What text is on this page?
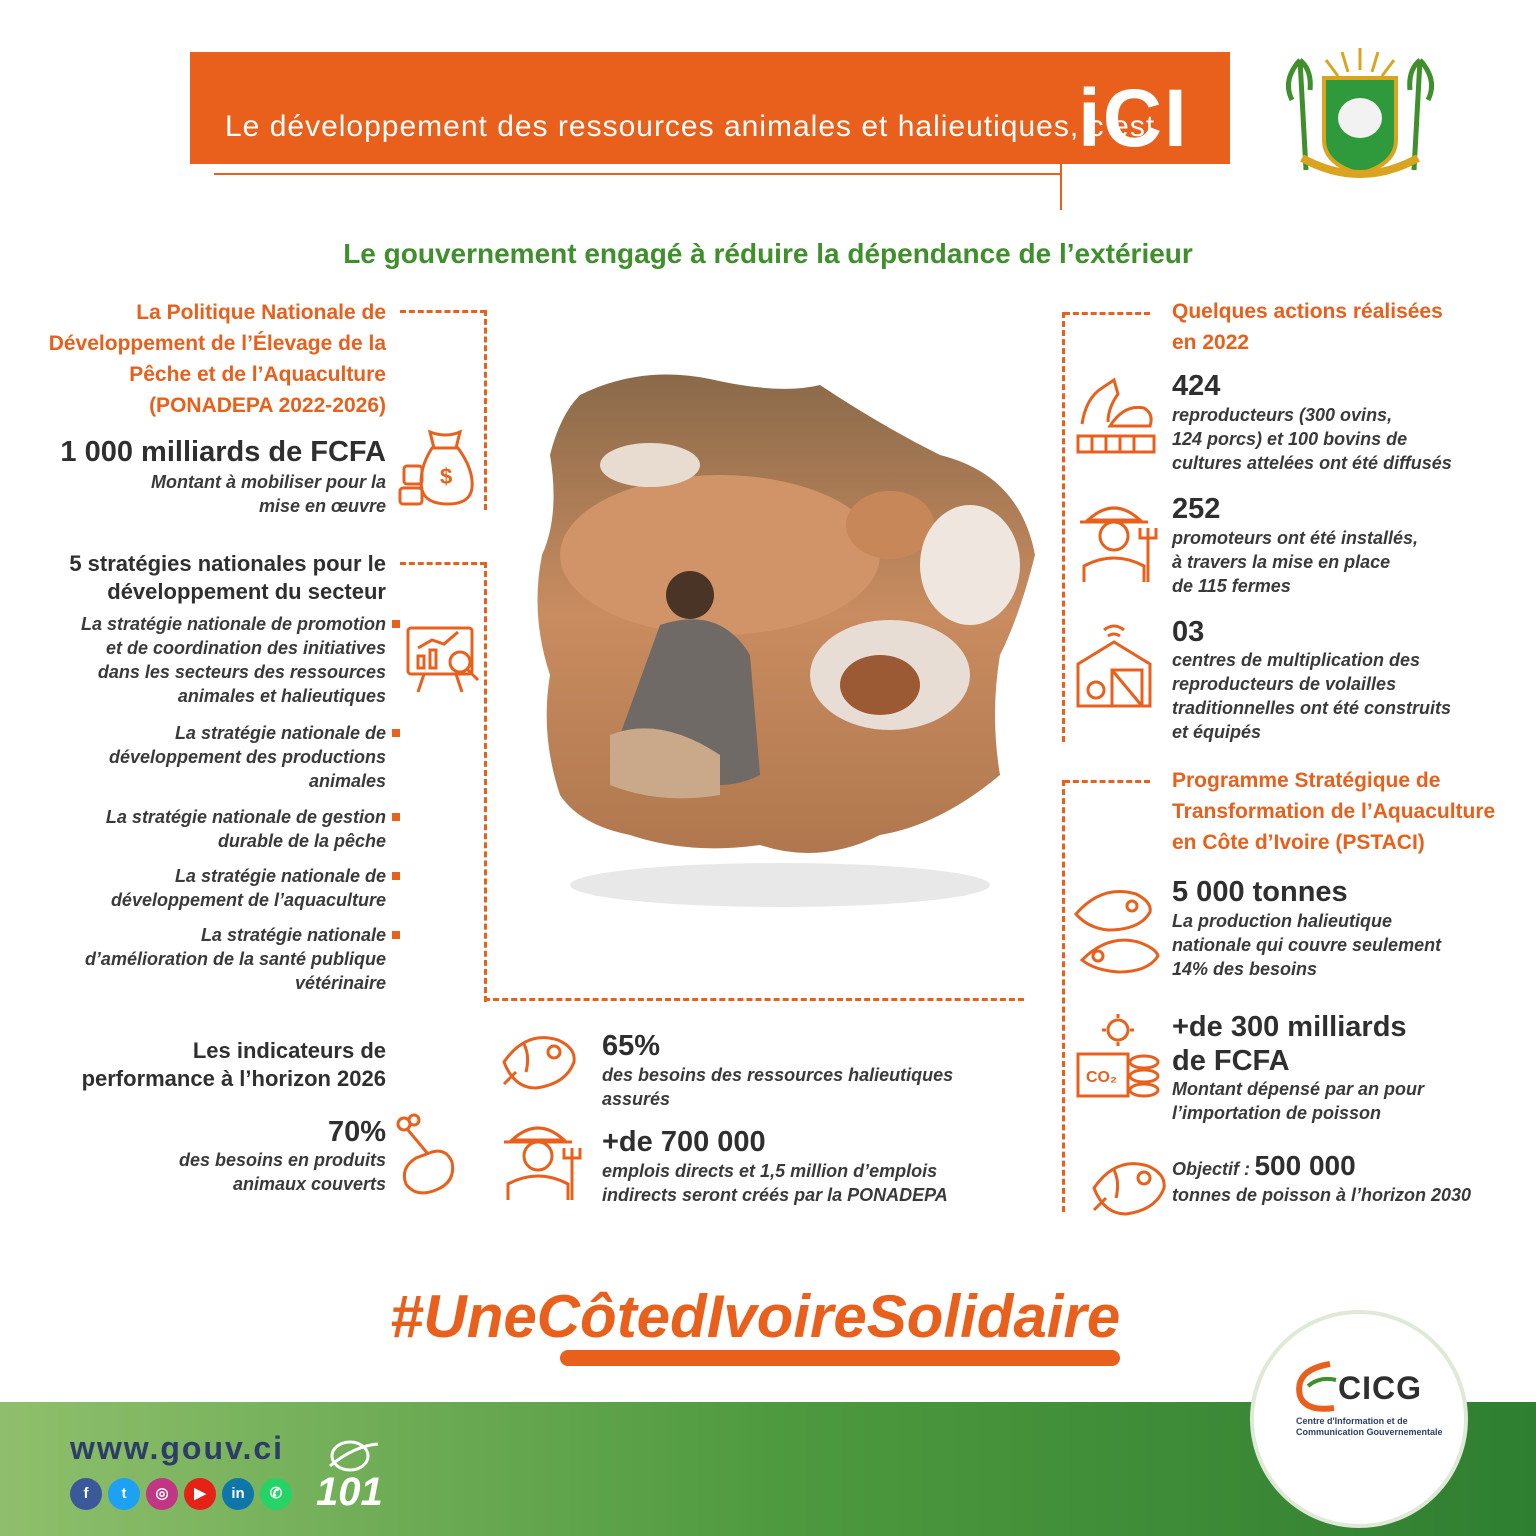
Le développement des ressources animales et halieutiques, c’est
iCI
Le gouvernement engagé à réduire la dépendance de l’extérieur
La Politique Nationale de
Développement de l’Élevage de la
Pêche et de l’Aquaculture
(PONADEPA 2022-2026)
1 000 milliards de FCFA
Montant à mobiliser pour la
mise en œuvre
$
5 stratégies nationales pour le
développement du secteur
La stratégie nationale de promotion
et de coordination des initiatives
dans les secteurs des ressources
animales et halieutiques
La stratégie nationale de
développement des productions
animales
La stratégie nationale de gestion
durable de la pêche
La stratégie nationale de
développement de l’aquaculture
La stratégie nationale
d’amélioration de la santé publique
vétérinaire
Les indicateurs de
performance à l’horizon 2026
70%
des besoins en produits
animaux couverts
65%
des besoins des ressources halieutiques
assurés
+de 700 000
emplois directs et 1,5 million d’emplois
indirects seront créés par la PONADEPA
Quelques actions réalisées
en 2022
424
reproducteurs (300 ovins,
124 porcs) et 100 bovins de
cultures attelées ont été diffusés
252
promoteurs ont été installés,
à travers la mise en place
de 115 fermes
03
centres de multiplication des
reproducteurs de volailles
traditionnelles ont été construits
et équipés
Programme Stratégique de
Transformation de l’Aquaculture
en Côte d’Ivoire (PSTACI)
5 000 tonnes
La production halieutique
nationale qui couvre seulement
14% des besoins
CO₂
+de 300 milliards
de FCFA
Montant dépensé par an pour
l’importation de poisson
Objectif : 500 000
tonnes de poisson à l’horizon 2030
#UneCôtedIvoireSolidaire
www.gouv.ci
f	t	◎	▶	in	✆ 101
CICG
Centre d'Information et de
Communication Gouvernementale
